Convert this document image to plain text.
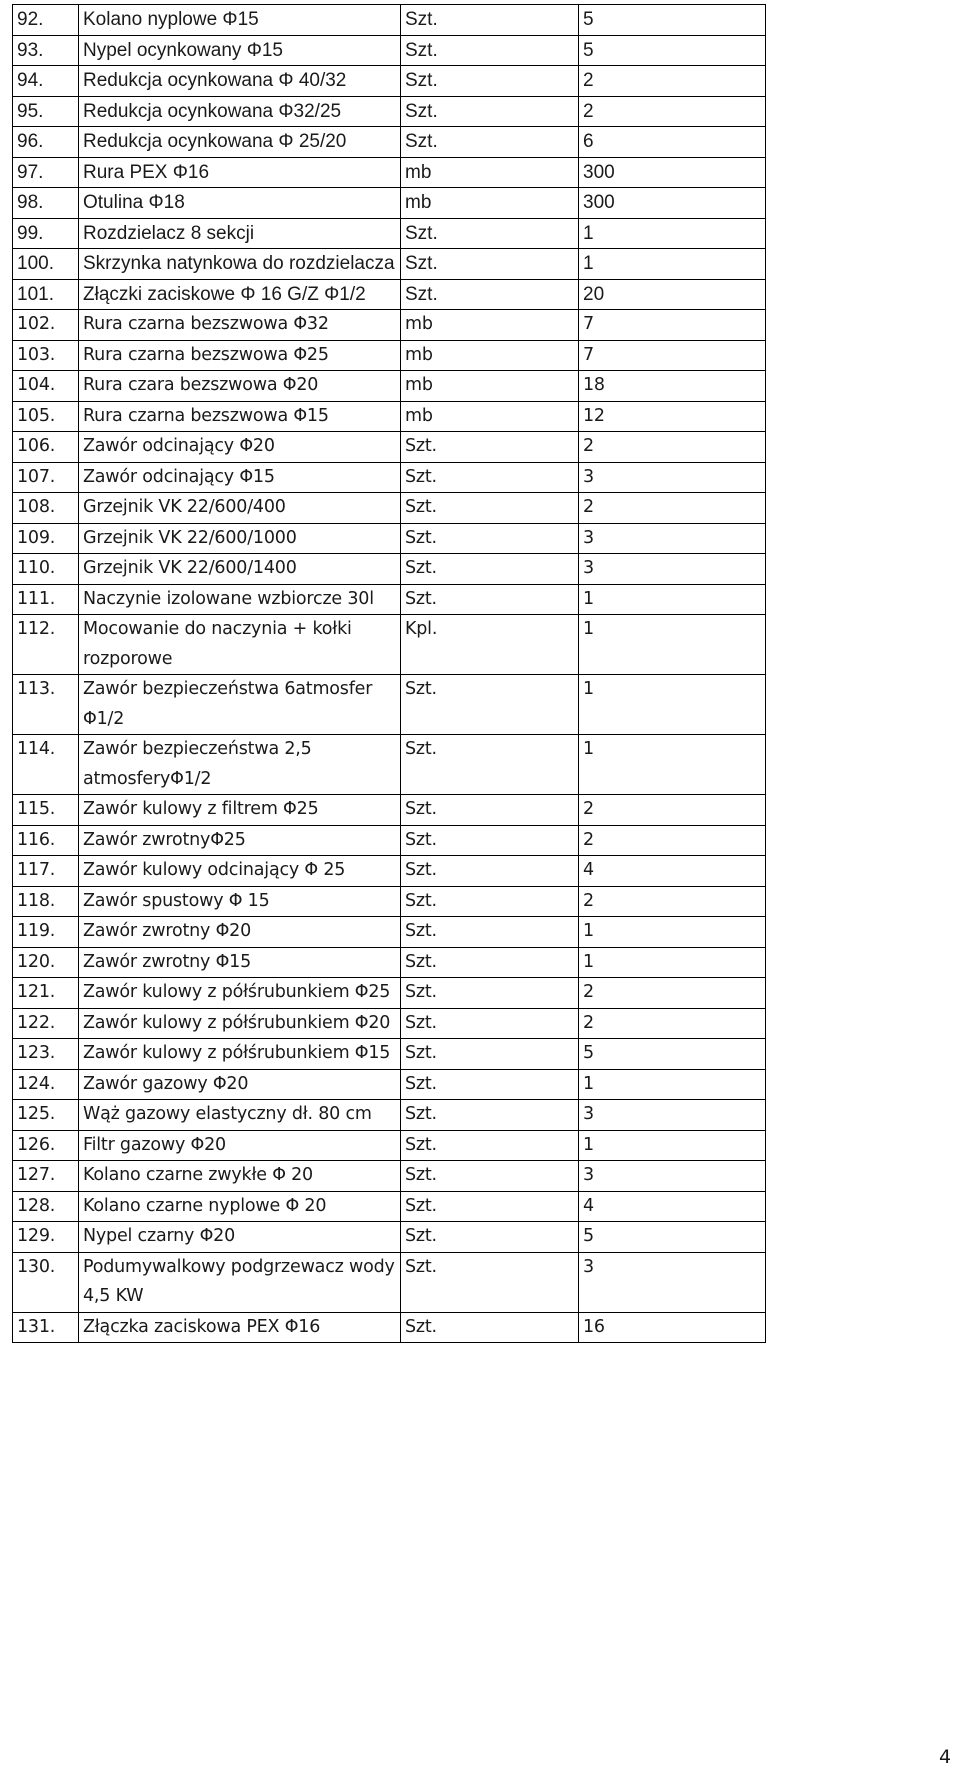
92.	Kolano nyplowe Φ15	Szt.	5
93.	Nypel ocynkowany Φ15	Szt.	5
94.	Redukcja ocynkowana Φ 40/32	Szt.	2
95.	Redukcja ocynkowana Φ32/25	Szt.	2
96.	Redukcja ocynkowana Φ 25/20	Szt.	6
97.	Rura PEX Φ16	mb	300
98.	Otulina Φ18	mb	300
99.	Rozdzielacz 8 sekcji	Szt.	1
100.	Skrzynka natynkowa do rozdzielacza	Szt.	1
101.	Złączki zaciskowe Φ 16 G/Z Φ1/2	Szt.	20
102.	Rura czarna bezszwowa Φ32	mb	7
103.	Rura czarna bezszwowa Φ25	mb	7
104.	Rura czara bezszwowa Φ20	mb	18
105.	Rura czarna bezszwowa Φ15	mb	12
106.	Zawór odcinający Φ20	Szt.	2
107.	Zawór odcinający Φ15	Szt.	3
108.	Grzejnik VK 22/600/400	Szt.	2
109.	Grzejnik VK 22/600/1000	Szt.	3
110.	Grzejnik VK 22/600/1400	Szt.	3
111.	Naczynie izolowane wzbiorcze 30l	Szt.	1
112.	Mocowanie do naczynia + kołki rozporowe	Kpl.	1
113.	Zawór bezpieczeństwa 6atmosfer Φ1/2	Szt.	1
114.	Zawór bezpieczeństwa 2,5 atmosferyΦ1/2	Szt.	1
115.	Zawór kulowy z filtrem Φ25	Szt.	2
116.	Zawór zwrotnyΦ25	Szt.	2
117.	Zawór kulowy odcinający Φ 25	Szt.	4
118.	Zawór spustowy Φ 15	Szt.	2
119.	Zawór zwrotny Φ20	Szt.	1
120.	Zawór zwrotny Φ15	Szt.	1
121.	Zawór kulowy z półśrubunkiem Φ25	Szt.	2
122.	Zawór kulowy z półśrubunkiem Φ20	Szt.	2
123.	Zawór kulowy z półśrubunkiem Φ15	Szt.	5
124.	Zawór gazowy Φ20	Szt.	1
125.	Wąż gazowy elastyczny dł. 80 cm	Szt.	3
126.	Filtr gazowy Φ20	Szt.	1
127.	Kolano czarne zwykłe Φ 20	Szt.	3
128.	Kolano czarne nyplowe Φ 20	Szt.	4
129.	Nypel czarny Φ20	Szt.	5
130.	Podumywalkowy podgrzewacz wody 4,5 KW	Szt.	3
131.	Złączka zaciskowa PEX Φ16	Szt.	16
4
